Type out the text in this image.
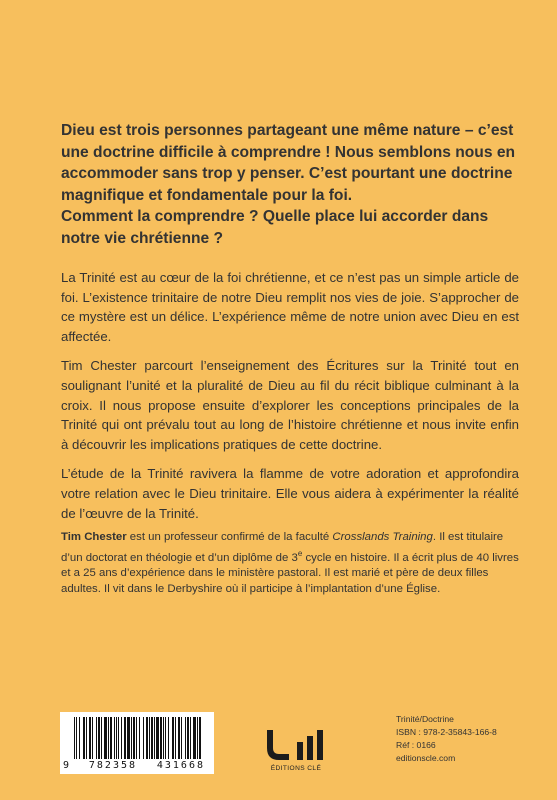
Dieu est trois personnes partageant une même nature – c’est une doctrine difficile à comprendre ! Nous semblons nous en accommoder sans trop y penser. C’est pourtant une doctrine magnifique et fondamentale pour la foi.

Comment la comprendre ? Quelle place lui accorder dans notre vie chrétienne ?

La Trinité est au cœur de la foi chrétienne, et ce n’est pas un simple article de foi. L’existence trinitaire de notre Dieu remplit nos vies de joie. S’approcher de ce mystère est un délice. L’expérience même de notre union avec Dieu en est affectée.

Tim Chester parcourt l’enseignement des Écritures sur la Trinité tout en soulignant l’unité et la pluralité de Dieu au fil du récit biblique culminant à la croix. Il nous propose ensuite d’explorer les conceptions principales de la Trinité qui ont prévalu tout au long de l’histoire chrétienne et nous invite enfin à découvrir les implications pratiques de cette doctrine.

L’étude de la Trinité ravivera la flamme de votre adoration et approfondira votre relation avec le Dieu trinitaire. Elle vous aidera à expérimenter la réalité de l’œuvre de la Trinité.

Tim Chester est un professeur confirmé de la faculté Crosslands Training. Il est titulaire d’un doctorat en théologie et d’un diplôme de 3e cycle en histoire. Il a écrit plus de 40 livres et a 25 ans d’expérience dans le ministère pastoral. Il est marié et père de deux filles adultes. Il vit dans le Derbyshire où il participe à l’implantation d’une Église.
9 782358 431668	ÉDITIONS CLÉ
Trinité/Doctrine
ISBN : 978-2-35843-166-8
Réf : 0166
editionscle.com
